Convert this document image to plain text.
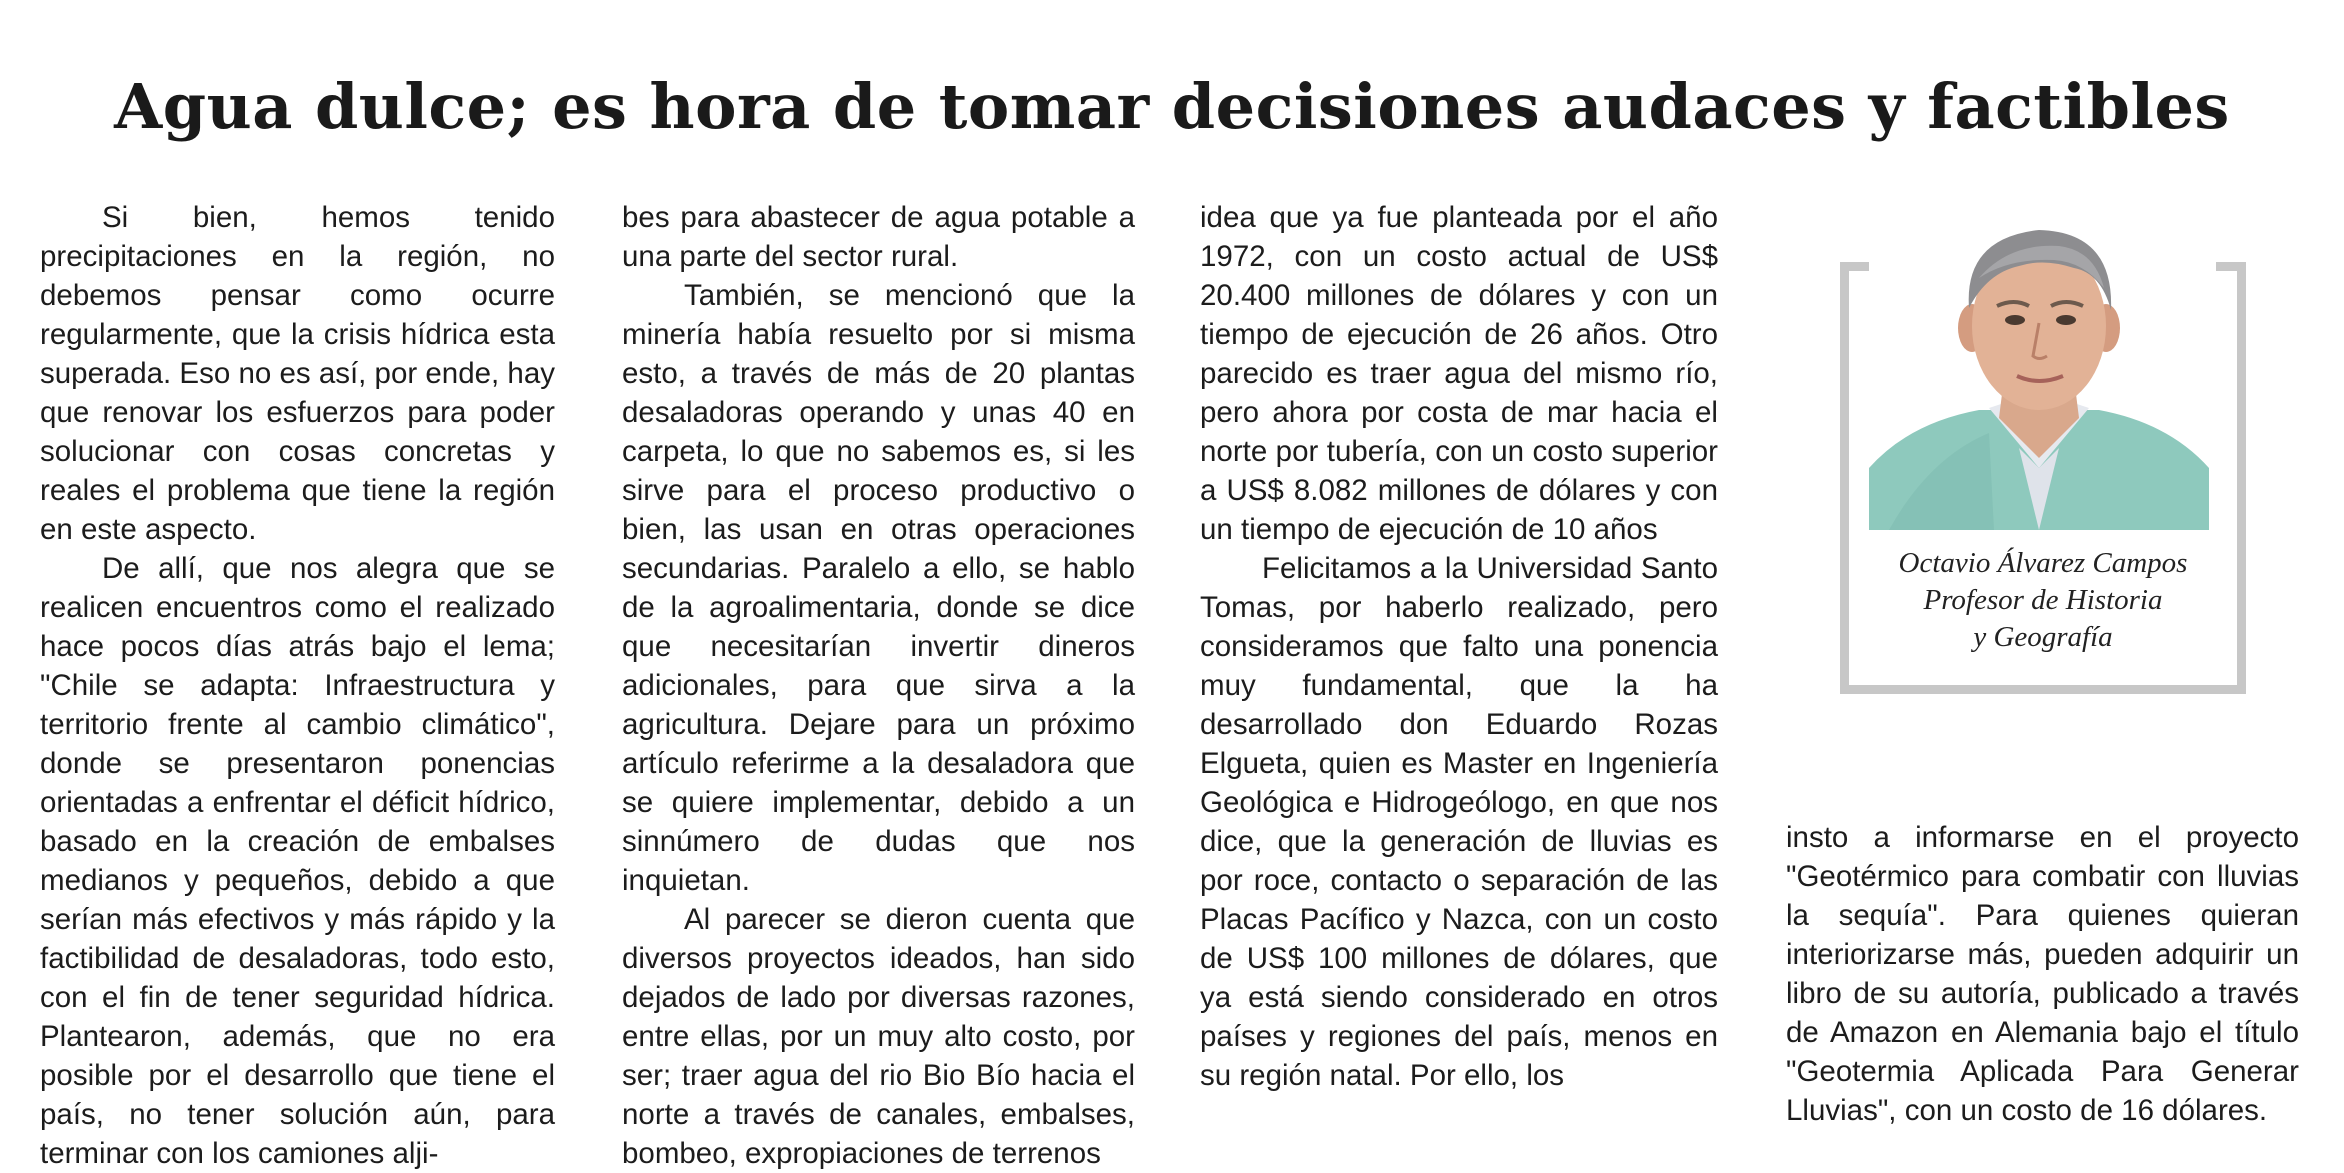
Agua dulce; es hora de tomar decisiones audaces y factibles

Si bien, hemos tenido precipitaciones en la región, no debemos pensar como ocurre regularmente, que la crisis hídrica esta superada. Eso no es así, por ende, hay que renovar los esfuerzos para poder solucionar con cosas concretas y reales el problema que tiene la región en este aspecto.

De allí, que nos alegra que se realicen encuentros como el realizado hace pocos días atrás bajo el lema; "Chile se adapta: Infraestructura y territorio frente al cambio climático", donde se presentaron ponencias orientadas a enfrentar el déficit hídrico, basado en la creación de embalses medianos y pequeños, debido a que serían más efectivos y más rápido y la factibilidad de desaladoras, todo esto, con el fin de tener seguridad hídrica. Plantearon, además, que no era posible por el desarrollo que tiene el país, no tener solución aún, para terminar con los camiones alji-

bes para abastecer de agua potable a una parte del sector rural.

También, se mencionó que la minería había resuelto por si misma esto, a través de más de 20 plantas desaladoras operando y unas 40 en carpeta, lo que no sabemos es, si les sirve para el proceso productivo o bien, las usan en otras operaciones secundarias. Paralelo a ello, se hablo de la agroalimentaria, donde se dice que necesitarían invertir dineros adicionales, para que sirva a la agricultura. Dejare para un próximo artículo referirme a la desaladora que se quiere implementar, debido a un sinnúmero de dudas que nos inquietan.

Al parecer se dieron cuenta que diversos proyectos ideados, han sido dejados de lado por diversas razones, entre ellas, por un muy alto costo, por ser; traer agua del rio Bio Bío hacia el norte a través de canales, embalses, bombeo, expropiaciones de terrenos

idea que ya fue planteada por el año 1972, con un costo actual de US$ 20.400 millones de dólares y con un tiempo de ejecución de 26 años. Otro parecido es traer agua del mismo río, pero ahora por costa de mar hacia el norte por tubería, con un costo superior a US$ 8.082 millones de dólares y con un tiempo de ejecución de 10 años

Felicitamos a la Universidad Santo Tomas, por haberlo realizado, pero consideramos que falto una ponencia muy fundamental, que la ha desarrollado don Eduardo Rozas Elgueta, quien es Master en Ingeniería Geológica e Hidrogeólogo, en que nos dice, que la generación de lluvias es por roce, contacto o separación de las Placas Pacífico y Nazca, con un costo de US$ 100 millones de dólares, que ya está siendo considerado en otros países y regiones del país, menos en su región natal. Por ello, los

insto a informarse en el proyecto "Geotérmico para combatir con lluvias la sequía". Para quienes quieran interiorizarse más, pueden adquirir un libro de su autoría, publicado a través de Amazon en Alemania bajo el título "Geotermia Aplicada Para Generar Lluvias", con un costo de 16 dólares.

Octavio Álvarez Campos
Profesor de Historia
y Geografía
